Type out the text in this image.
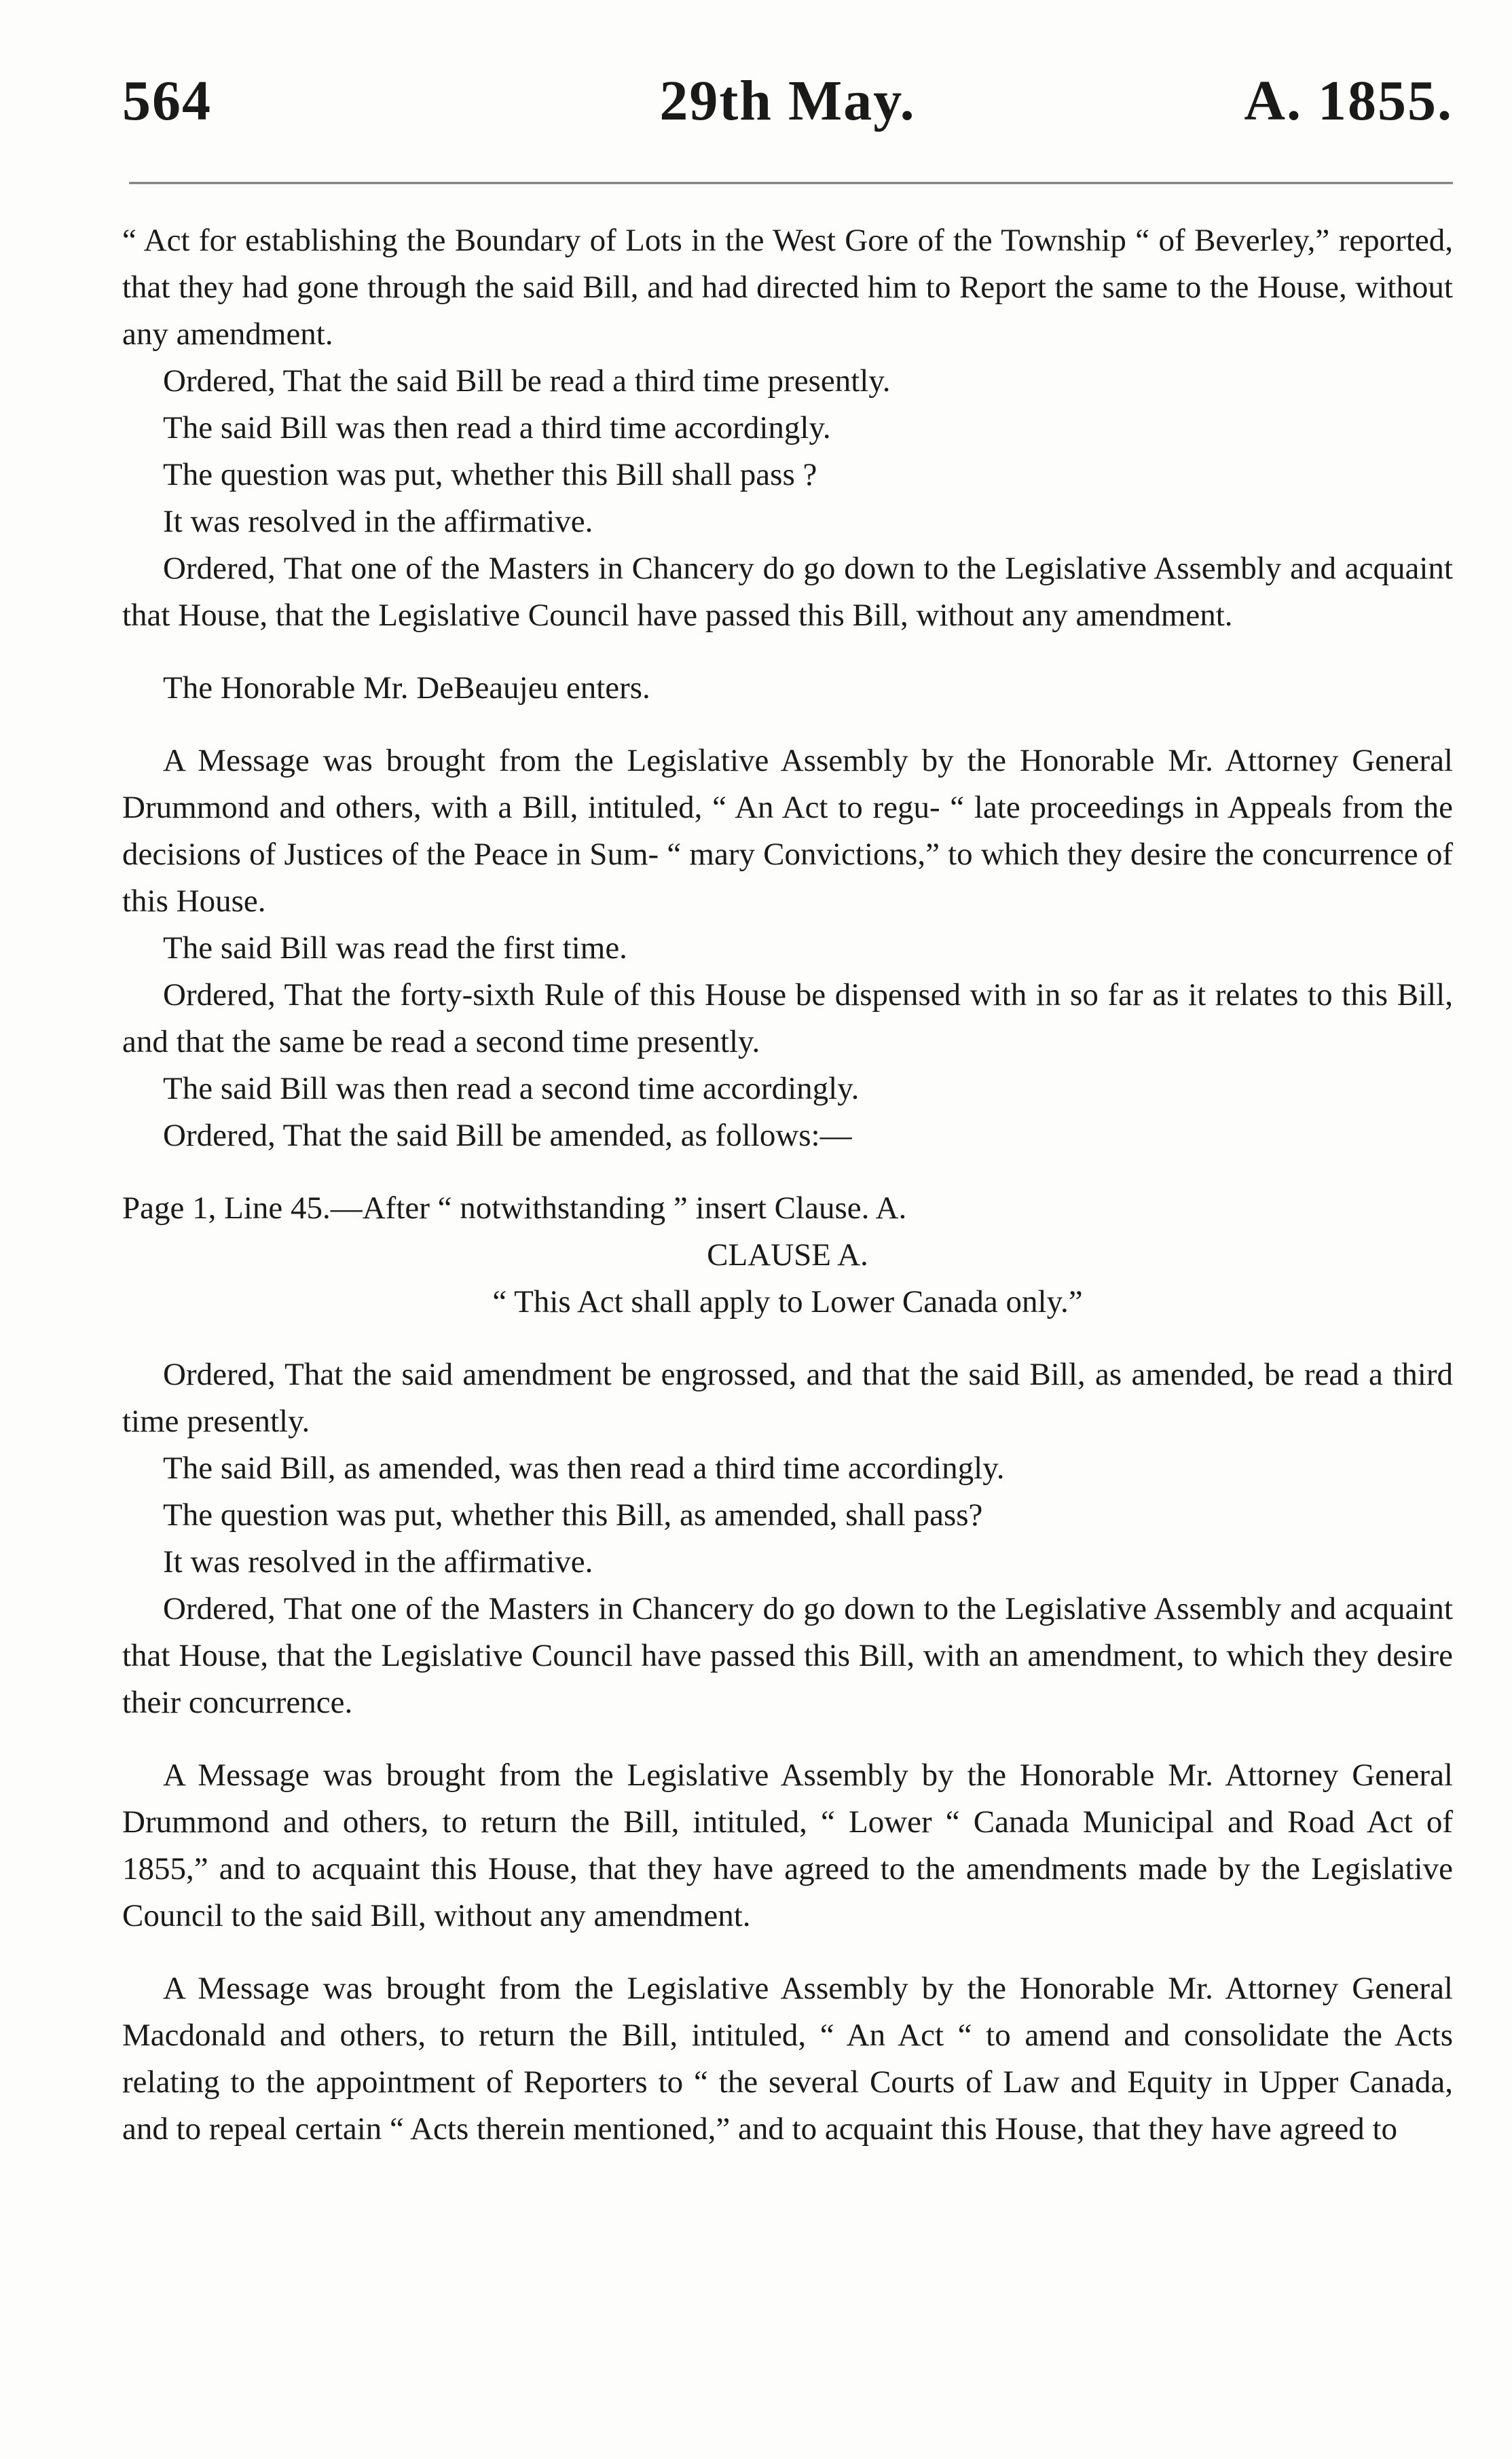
564	29th May.	A. 1855.

“ Act for establishing the Boundary of Lots in the West Gore of the Township “ of Beverley,” reported, that they had gone through the said Bill, and had directed him to Report the same to the House, without any amendment.

Ordered, That the said Bill be read a third time presently.

The said Bill was then read a third time accordingly.

The question was put, whether this Bill shall pass ?

It was resolved in the affirmative.

Ordered, That one of the Masters in Chancery do go down to the Legislative Assembly and acquaint that House, that the Legislative Council have passed this Bill, without any amendment.

The Honorable Mr. DeBeaujeu enters.

A Message was brought from the Legislative Assembly by the Honorable Mr. Attorney General Drummond and others, with a Bill, intituled, “ An Act to regu- “ late proceedings in Appeals from the decisions of Justices of the Peace in Sum- “ mary Convictions,” to which they desire the concurrence of this House.

The said Bill was read the first time.

Ordered, That the forty-sixth Rule of this House be dispensed with in so far as it relates to this Bill, and that the same be read a second time presently.

The said Bill was then read a second time accordingly.

Ordered, That the said Bill be amended, as follows:—

Page 1, Line 45.—After “ notwithstanding ” insert Clause. A.

CLAUSE A.

“ This Act shall apply to Lower Canada only.”

Ordered, That the said amendment be engrossed, and that the said Bill, as amended, be read a third time presently.

The said Bill, as amended, was then read a third time accordingly.

The question was put, whether this Bill, as amended, shall pass?

It was resolved in the affirmative.

Ordered, That one of the Masters in Chancery do go down to the Legislative Assembly and acquaint that House, that the Legislative Council have passed this Bill, with an amendment, to which they desire their concurrence.

A Message was brought from the Legislative Assembly by the Honorable Mr. Attorney General Drummond and others, to return the Bill, intituled, “ Lower “ Canada Municipal and Road Act of 1855,” and to acquaint this House, that they have agreed to the amendments made by the Legislative Council to the said Bill, without any amendment.

A Message was brought from the Legislative Assembly by the Honorable Mr. Attorney General Macdonald and others, to return the Bill, intituled, “ An Act “ to amend and consolidate the Acts relating to the appointment of Reporters to “ the several Courts of Law and Equity in Upper Canada, and to repeal certain “ Acts therein mentioned,” and to acquaint this House, that they have agreed to
